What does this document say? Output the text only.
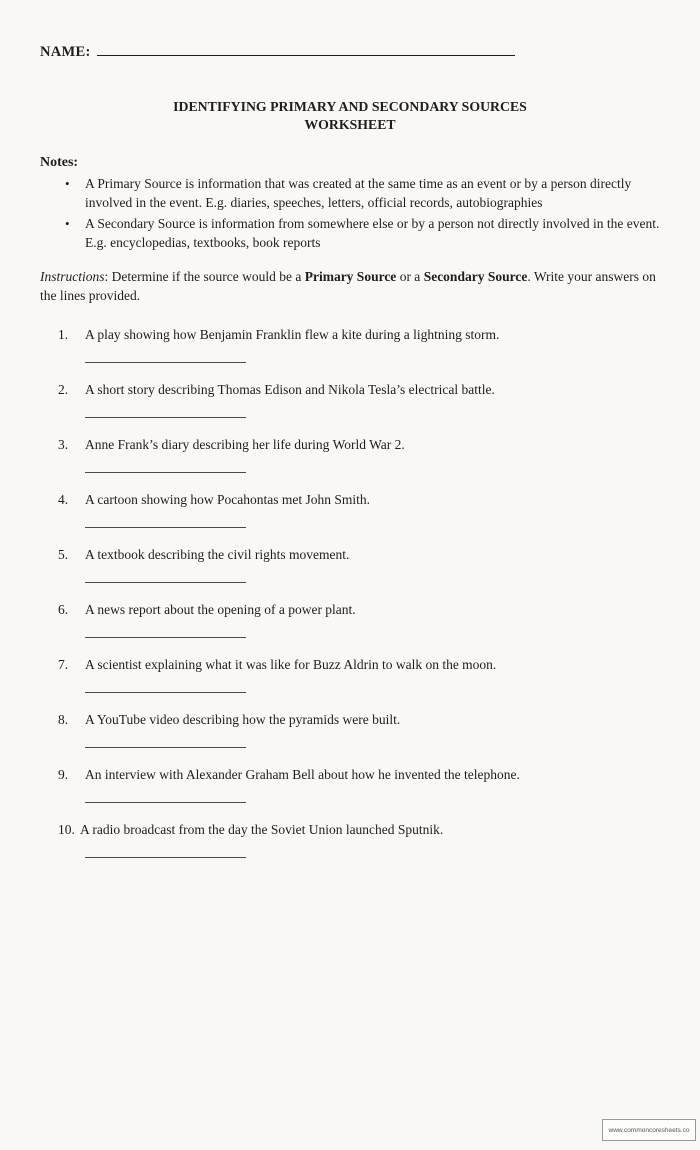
NAME:
IDENTIFYING PRIMARY AND SECONDARY SOURCES
WORKSHEET
Notes:
• A Primary Source is information that was created at the same time as an event or by a person directly involved in the event. E.g. diaries, speeches, letters, official records, autobiographies
• A Secondary Source is information from somewhere else or by a person not directly involved in the event. E.g. encyclopedias, textbooks, book reports
Instructions: Determine if the source would be a Primary Source or a Secondary Source. Write your answers on the lines provided.
1. A play showing how Benjamin Franklin flew a kite during a lightning storm.
2. A short story describing Thomas Edison and Nikola Tesla’s electrical battle.
3. Anne Frank’s diary describing her life during World War 2.
4. A cartoon showing how Pocahontas met John Smith.
5. A textbook describing the civil rights movement.
6. A news report about the opening of a power plant.
7. A scientist explaining what it was like for Buzz Aldrin to walk on the moon.
8. A YouTube video describing how the pyramids were built.
9. An interview with Alexander Graham Bell about how he invented the telephone.
10. A radio broadcast from the day the Soviet Union launched Sputnik.
www.commoncoresheets.co
